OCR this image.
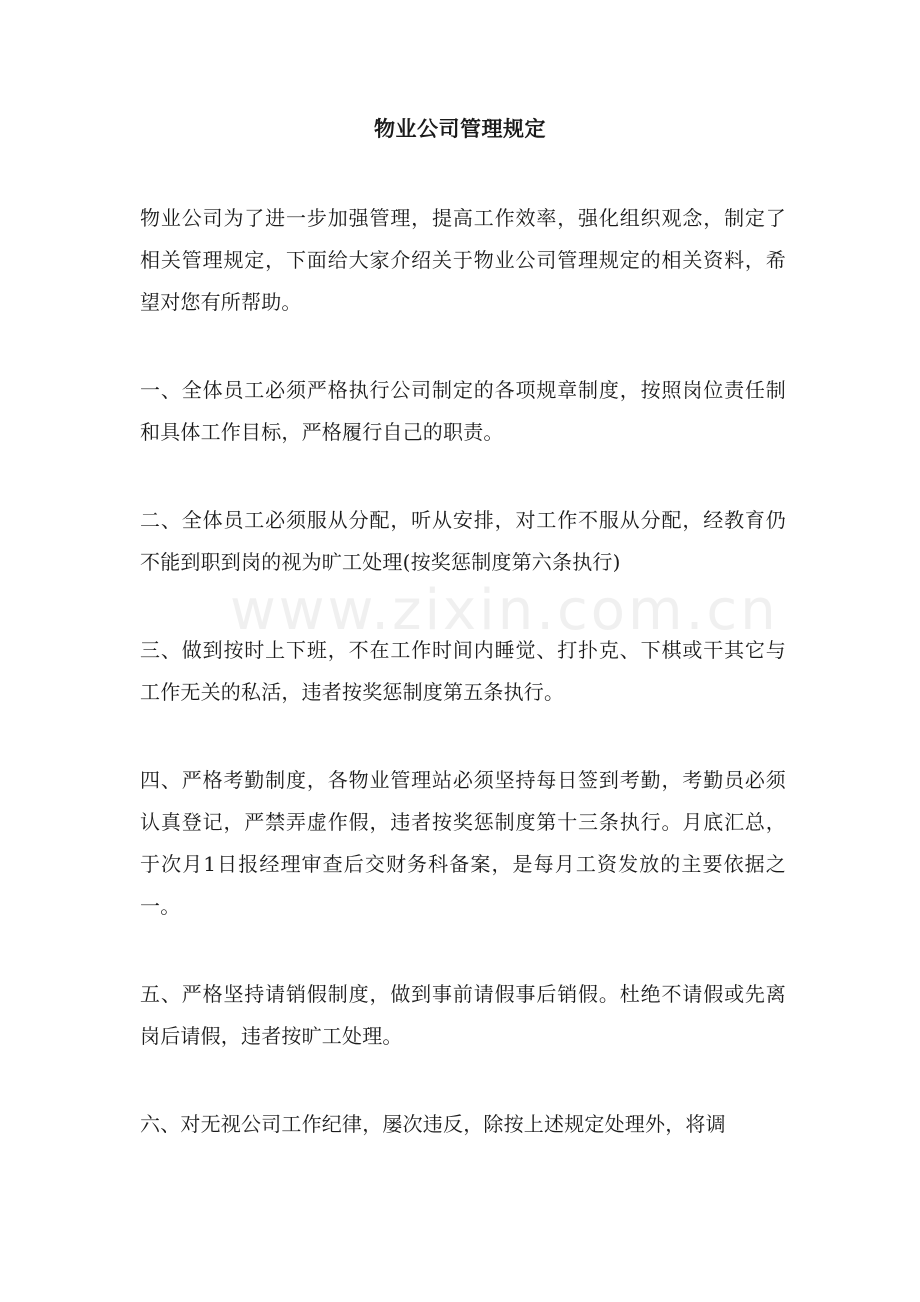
物业公司管理规定

物业公司为了进一步加强管理，提高工作效率，强化组织观念，制定了相关管理规定，下面给大家介绍关于物业公司管理规定的相关资料，希望对您有所帮助。

一、全体员工必须严格执行公司制定的各项规章制度，按照岗位责任制和具体工作目标，严格履行自己的职责。

二、全体员工必须服从分配，听从安排，对工作不服从分配，经教育仍不能到职到岗的视为旷工处理(按奖惩制度第六条执行)

三、做到按时上下班，不在工作时间内睡觉、打扑克、下棋或干其它与工作无关的私活，违者按奖惩制度第五条执行。

四、严格考勤制度，各物业管理站必须坚持每日签到考勤，考勤员必须认真登记，严禁弄虚作假，违者按奖惩制度第十三条执行。月底汇总，于次月1日报经理审查后交财务科备案，是每月工资发放的主要依据之一。

五、严格坚持请销假制度，做到事前请假事后销假。杜绝不请假或先离岗后请假，违者按旷工处理。

六、对无视公司工作纪律，屡次违反，除按上述规定处理外，将调

www.zixin.com.cn
